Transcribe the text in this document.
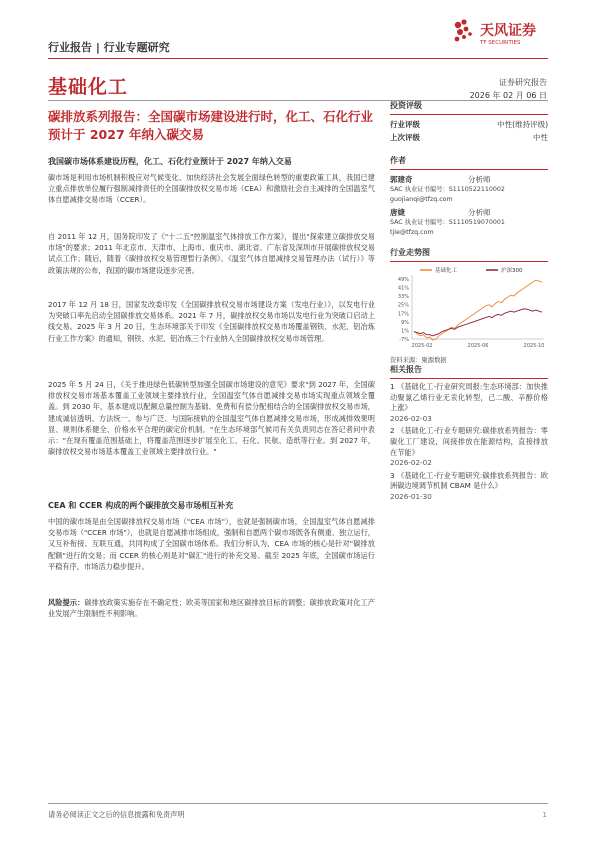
行业报告 | 行业专题研究
天风证券
TF SECURITIES
基础化工	证券研究报告
2026 年 02 月 06 日
碳排放系列报告：全国碳市场建设进行时，化工、石化行业预计于 2027 年纳入碳交易
我国碳市场体系建设历程，化工、石化行业预计于 2027 年纳入交易
碳市场是利用市场机制积极应对气候变化、加快经济社会发展全面绿色转型的重要政策工具，我国已建立重点排放单位履行强制减排责任的全国碳排放权交易市场（CEA）和激励社会自主减排的全国温室气体自愿减排交易市场（CCER）。
自 2011 年 12 月，国务院印发了《"十二五"控制温室气体排放工作方案》，提出"探索建立碳排放交易市场"的要求；2011 年北京市、天津市、上海市、重庆市、湖北省、广东省及深圳市开展碳排放权交易试点工作；随后，随着《碳排放权交易管理暂行条例》、《温室气体自愿减排交易管理办法（试行）》等政策法规的公布，我国的碳市场建设逐步完善。
2017 年 12 月 18 日，国家发改委印发《全国碳排放权交易市场建设方案（发电行业）》，以发电行业为突破口率先启动全国碳排放交易体系。2021 年 7 月，碳排放权交易市场以发电行业为突破口启动上线交易。2025 年 3 月 20 日，生态环境部关于印发《全国碳排放权交易市场覆盖钢铁、水泥、铝冶炼行业工作方案》的通知，钢铁、水泥、铝冶炼三个行业纳入全国碳排放权交易市场管理。
2025 年 5 月 24 日，《关于推进绿色低碳转型加强全国碳市场建设的意见》要求"到 2027 年，全国碳排放权交易市场基本覆盖工业领域主要排放行业，全国温室气体自愿减排交易市场实现重点领域全覆盖。到 2030 年，基本建成以配额总量控制为基础、免费和有偿分配相结合的全国碳排放权交易市场，建成诚信透明、方法统一、参与广泛、与国际接轨的全国温室气体自愿减排交易市场，形成减排效果明显、规则体系健全、价格水平合理的碳定价机制。"在生态环境部气候司有关负责同志在答记者问中表示："在现有覆盖范围基础上，将覆盖范围逐步扩展至化工、石化、民航、造纸等行业。到 2027 年，碳排放权交易市场基本覆盖工业领域主要排放行业。"
CEA 和 CCER 构成的两个碳排放交易市场相互补充
中国的碳市场是由全国碳排放权交易市场（"CEA 市场"），也就是强制碳市场，全国温室气体自愿减排交易市场（"CCER 市场"），也就是自愿减排市场组成，强制和自愿两个碳市场既各有侧重、独立运行，又互补衔接、互联互通，共同构成了全国碳市场体系。我们分析认为，CEA 市场的核心是针对"碳排放配额"进行的交易；而 CCER 的核心则是对"碳汇"进行的补充交易。截至 2025 年底，全国碳市场运行平稳有序，市场活力稳步提升。
风险提示：碳排放政策实施存在不确定性；欧美等国家和地区碳排放目标的调整；碳排放政策对化工产业发展产生限制性不利影响。
投资评级
行业评级	中性(维持评级)
上次评级	中性
作者
郭建奇	分析师
SAC 执业证书编号：S1110522110002
guojianqi@tfzq.com
唐婕	分析师
SAC 执业证书编号：S1110519070001
tjie@tfzq.com
行业走势图
49%
41%
33%
25%
17%
9%
1%
-7%
2025-02	2025-06	2025-10
基础化工	沪深300
资料来源：聚源数据
相关报告
1 《基础化工-行业研究周报:生态环境部：加快推动聚氯乙烯行业无汞化转型，己二酸、辛醇价格上涨》
2026-02-03
2 《基础化工-行业专题研究:碳排放系列报告：零碳化工厂建设，间接排放在能源结构，直接排放在节能》
2026-02-02
3 《基础化工-行业专题研究:碳排放系列报告：欧洲碳边境调节机制 CBAM 是什么》
2026-01-30
请务必阅读正文之后的信息披露和免责声明	1
